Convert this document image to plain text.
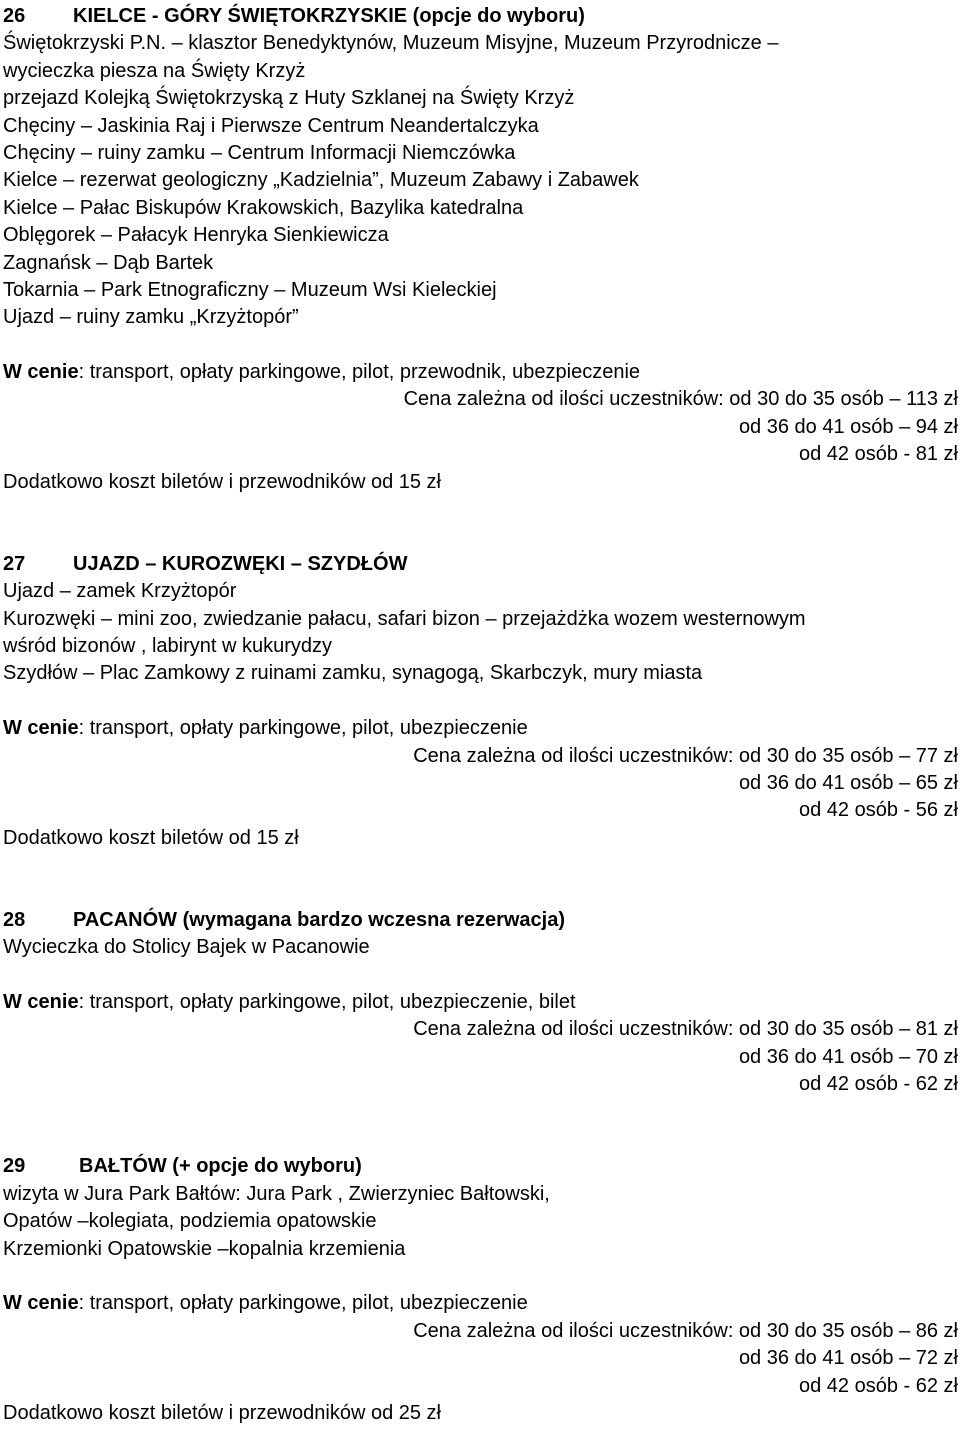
26 KIELCE - GÓRY ŚWIĘTOKRZYSKIE (opcje do wyboru)
Świętokrzyski P.N. – klasztor Benedyktynów, Muzeum Misyjne, Muzeum Przyrodnicze –
wycieczka piesza na Święty Krzyż
przejazd Kolejką Świętokrzyską z Huty Szklanej na Święty Krzyż
Chęciny – Jaskinia Raj i Pierwsze Centrum Neandertalczyka
Chęciny – ruiny zamku – Centrum Informacji Niemczówka
Kielce – rezerwat geologiczny „Kadzielnia”, Muzeum Zabawy i Zabawek
Kielce – Pałac Biskupów Krakowskich, Bazylika katedralna
Oblęgorek – Pałacyk Henryka Sienkiewicza
Zagnańsk – Dąb Bartek
Tokarnia – Park Etnograficzny – Muzeum Wsi Kieleckiej
Ujazd – ruiny zamku „Krzyżtopór”
W cenie: transport, opłaty parkingowe, pilot, przewodnik, ubezpieczenie
Cena zależna od ilości uczestników: od 30 do 35 osób – 113 zł
od 36 do 41 osób – 94 zł
od 42 osób - 81 zł
Dodatkowo koszt biletów i przewodników od 15 zł
27 UJAZD – KUROZWĘKI – SZYDŁÓW
Ujazd – zamek Krzyżtopór
Kurozwęki – mini zoo, zwiedzanie pałacu, safari bizon – przejażdżka wozem westernowym
wśród bizonów , labirynt w kukurydzy
Szydłów – Plac Zamkowy z ruinami zamku, synagogą, Skarbczyk, mury miasta
W cenie: transport, opłaty parkingowe, pilot, ubezpieczenie
Cena zależna od ilości uczestników: od 30 do 35 osób – 77 zł
od 36 do 41 osób – 65 zł
od 42 osób - 56 zł
Dodatkowo koszt biletów od 15 zł
28 PACANÓW (wymagana bardzo wczesna rezerwacja)
Wycieczka do Stolicy Bajek w Pacanowie
W cenie: transport, opłaty parkingowe, pilot, ubezpieczenie, bilet
Cena zależna od ilości uczestników: od 30 do 35 osób – 81 zł
od 36 do 41 osób – 70 zł
od 42 osób - 62 zł
29	BAŁTÓW (+ opcje do wyboru)
wizyta w Jura Park Bałtów: Jura Park , Zwierzyniec Bałtowski,
Opatów –kolegiata, podziemia opatowskie
Krzemionki Opatowskie –kopalnia krzemienia
W cenie: transport, opłaty parkingowe, pilot, ubezpieczenie
Cena zależna od ilości uczestników: od 30 do 35 osób – 86 zł
od 36 do 41 osób – 72 zł
od 42 osób - 62 zł
Dodatkowo koszt biletów i przewodników od 25 zł
